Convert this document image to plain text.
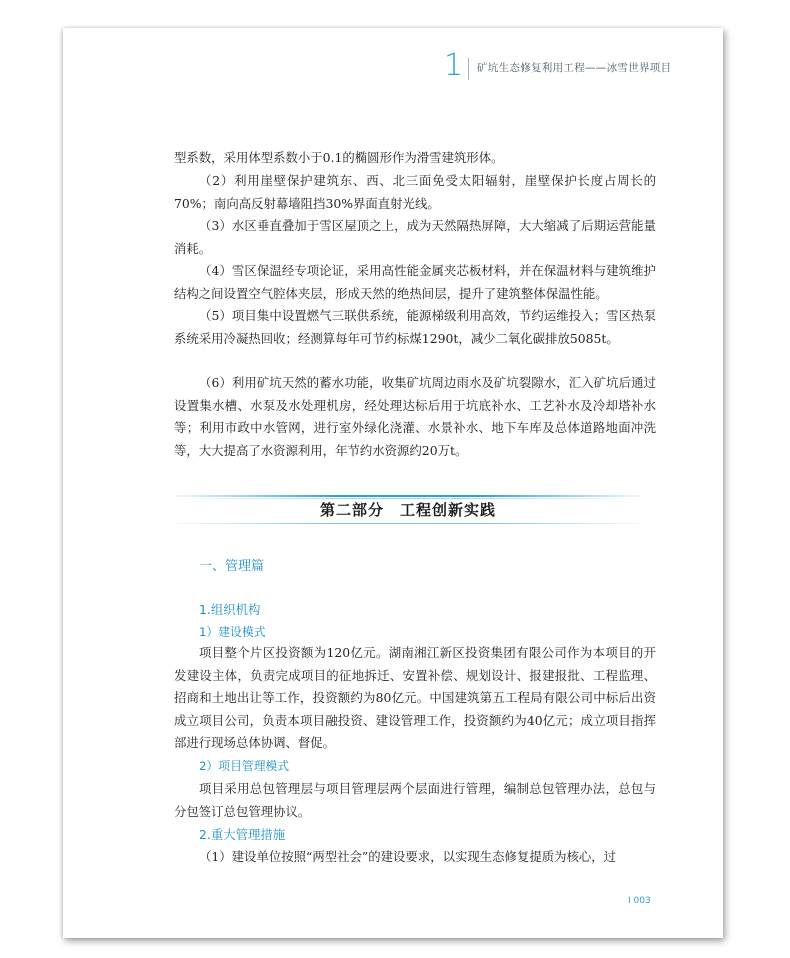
1 矿坑生态修复利用工程——冰雪世界项目

型系数，采用体型系数小于0.1的椭圆形作为滑雪建筑形体。

（2）利用崖壁保护建筑东、西、北三面免受太阳辐射，崖壁保护长度占周长的70%；南向高反射幕墙阻挡30%界面直射光线。

（3）水区垂直叠加于雪区屋顶之上，成为天然隔热屏障，大大缩减了后期运营能量消耗。

（4）雪区保温经专项论证，采用高性能金属夹芯板材料，并在保温材料与建筑维护结构之间设置空气腔体夹层，形成天然的绝热间层，提升了建筑整体保温性能。

（5）项目集中设置燃气三联供系统，能源梯级利用高效，节约运维投入；雪区热泵系统采用冷凝热回收；经测算每年可节约标煤1290t，减少二氧化碳排放5085t。

（6）利用矿坑天然的蓄水功能，收集矿坑周边雨水及矿坑裂隙水，汇入矿坑后通过设置集水槽、水泵及水处理机房，经处理达标后用于坑底补水、工艺补水及冷却塔补水等；利用市政中水管网，进行室外绿化浇灌、水景补水、地下车库及总体道路地面冲洗等，大大提高了水资源利用，年节约水资源约20万t。

第二部分　工程创新实践
一、管理篇
1.组织机构
1）建设模式

项目整个片区投资额为120亿元。湖南湘江新区投资集团有限公司作为本项目的开发建设主体，负责完成项目的征地拆迁、安置补偿、规划设计、报建报批、工程监理、招商和土地出让等工作，投资额约为80亿元。中国建筑第五工程局有限公司中标后出资成立项目公司，负责本项目融投资、建设管理工作，投资额约为40亿元；成立项目指挥部进行现场总体协调、督促。

2）项目管理模式

项目采用总包管理层与项目管理层两个层面进行管理，编制总包管理办法，总包与分包签订总包管理协议。

2.重大管理措施

（1）建设单位按照“两型社会”的建设要求，以实现生态修复提质为核心，过

I 003
